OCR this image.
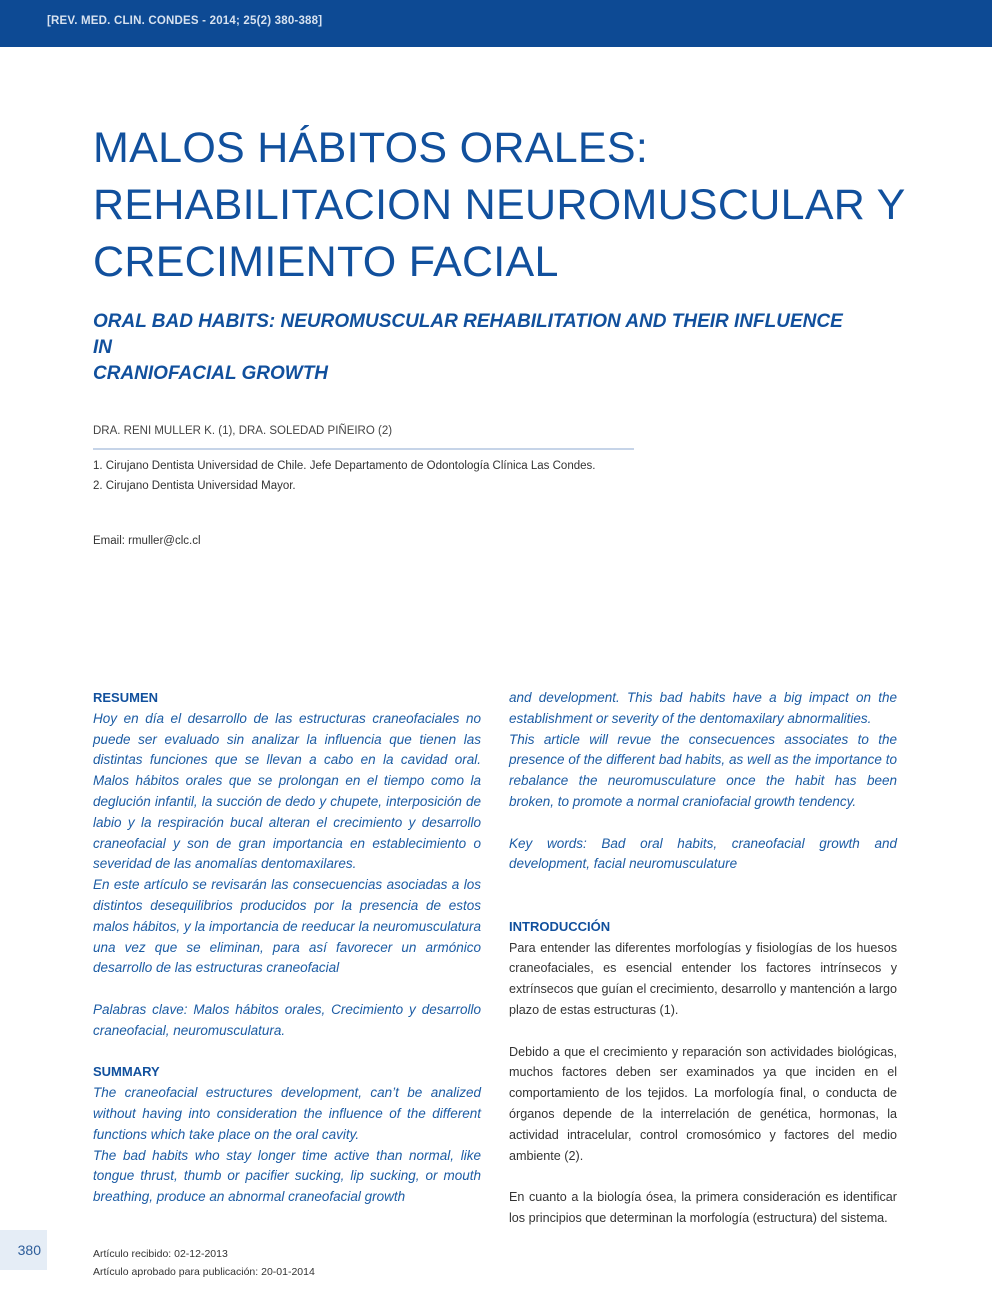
[REV. MED. CLIN. CONDES - 2014; 25(2) 380-388]
MALOS HÁBITOS ORALES:
REHABILITACION NEUROMUSCULAR Y
CRECIMIENTO FACIAL
ORAL BAD HABITS: NEUROMUSCULAR REHABILITATION AND THEIR INFLUENCE IN
CRANIOFACIAL GROWTH
DRA. RENI MULLER K. (1), DRA. SOLEDAD PIÑEIRO (2)
1. Cirujano Dentista Universidad de Chile. Jefe Departamento de Odontología Clínica Las Condes.
2. Cirujano Dentista Universidad Mayor.
Email: rmuller@clc.cl
RESUMEN

Hoy en día el desarrollo de las estructuras craneofaciales no puede ser evaluado sin analizar la influencia que tienen las distintas funciones que se llevan a cabo en la cavidad oral. Malos hábitos orales que se prolongan en el tiempo como la deglución infantil, la succión de dedo y chupete, interposición de labio y la respiración bucal alteran el crecimiento y desarrollo craneofacial y son de gran importancia en establecimiento o severidad de las anomalías dentomaxilares.

En este artículo se revisarán las consecuencias asociadas a los distintos desequilibrios producidos por la presencia de estos malos hábitos, y la importancia de reeducar la neuromusculatura una vez que se eliminan, para así favorecer un armónico desarrollo de las estructuras craneofacial

Palabras clave: Malos hábitos orales, Crecimiento y desarrollo craneofacial, neuromusculatura.

SUMMARY

The craneofacial estructures development, can’t be analized without having into consideration the influence of the different functions which take place on the oral cavity.

The bad habits who stay longer time active than normal, like tongue thrust, thumb or pacifier sucking, lip sucking, or mouth breathing, produce an abnormal craneofacial growth

and development. This bad habits have a big impact on the establishment or severity of the dentomaxilary abnormalities.

This article will revue the consecuences associates to the presence of the different bad habits, as well as the importance to rebalance the neuromusculature once the habit has been broken, to promote a normal craniofacial growth tendency.

Key words: Bad oral habits, craneofacial growth and development, facial neuromusculature

INTRODUCCIÓN

Para entender las diferentes morfologías y fisiologías de los huesos craneofaciales, es esencial entender los factores intrínsecos y extrínsecos que guían el crecimiento, desarrollo y mantención a largo plazo de estas estructuras (1).

Debido a que el crecimiento y reparación son actividades biológicas, muchos factores deben ser examinados ya que inciden en el comportamiento de los tejidos. La morfología final, o conducta de órganos depende de la interrelación de genética, hormonas, la actividad intracelular, control cromosómico y factores del medio ambiente (2).

En cuanto a la biología ósea, la primera consideración es identificar los principios que determinan la morfología (estructura) del sistema.

380	Artículo recibido: 02-12-2013
Artículo aprobado para publicación: 20-01-2014
